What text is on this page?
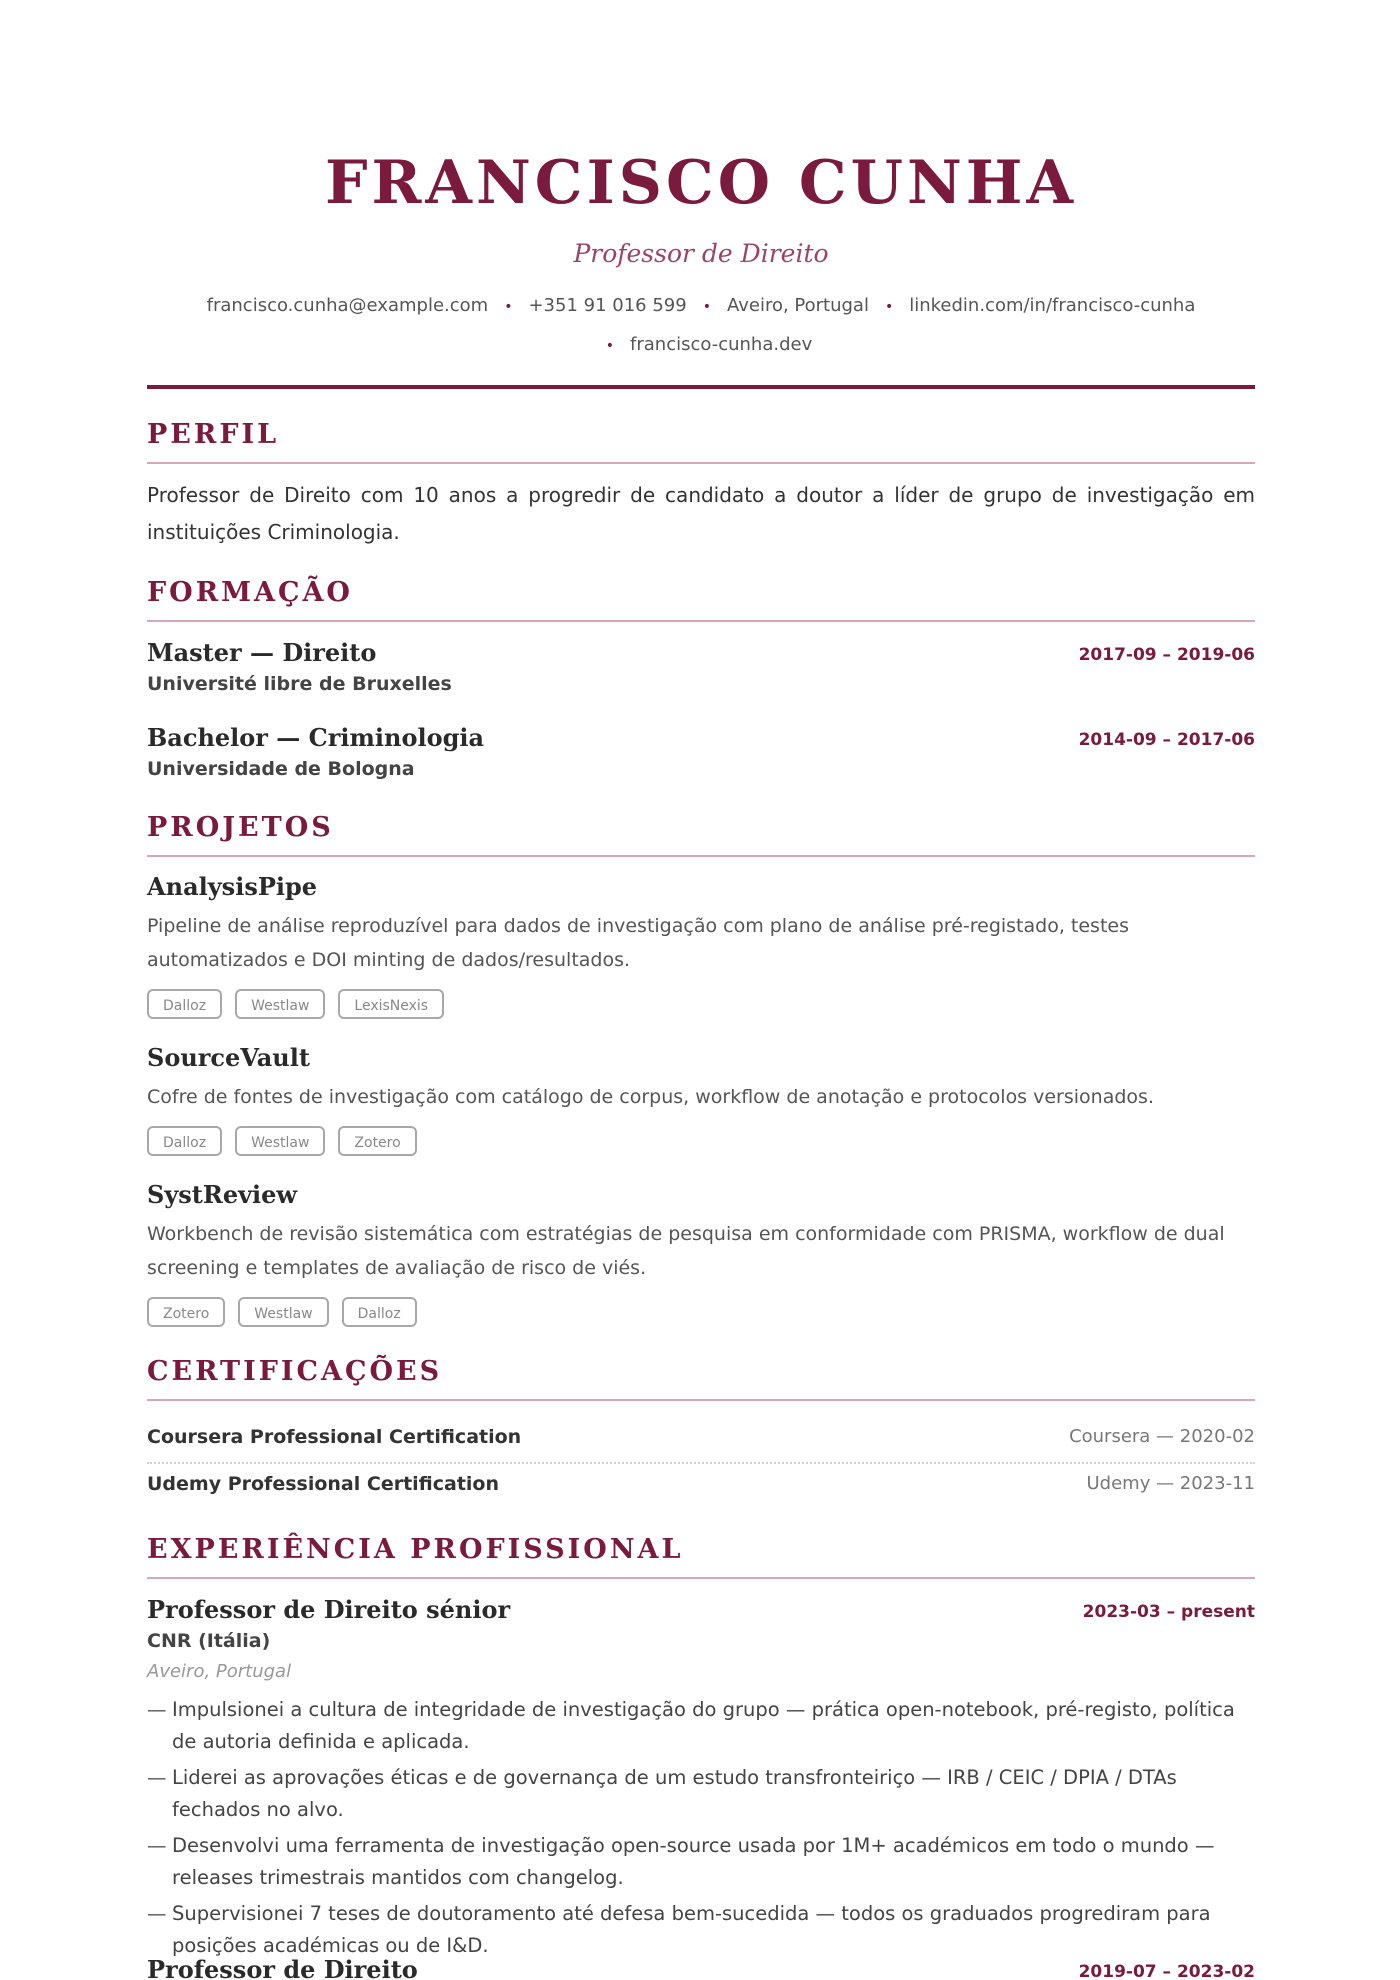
FRANCISCO CUNHA
Professor de Direito
francisco.cunha@example.com • +351 91 016 599 • Aveiro, Portugal • linkedin.com/in/francisco-cunha
• francisco-cunha.dev
PERFIL
Professor de Direito com 10 anos a progredir de candidato a doutor a líder de grupo de investigação em instituições Criminologia.
FORMAÇÃO
Master — Direito	2017-09 – 2019-06
Université libre de Bruxelles
Bachelor — Criminologia	2014-09 – 2017-06
Universidade de Bologna
PROJETOS
AnalysisPipe
Pipeline de análise reproduzível para dados de investigação com plano de análise pré-registado, testes automatizados e DOI minting de dados/resultados.
Dalloz	Westlaw	LexisNexis
SourceVault
Cofre de fontes de investigação com catálogo de corpus, workflow de anotação e protocolos versionados.
Dalloz	Westlaw	Zotero
SystReview
Workbench de revisão sistemática com estratégias de pesquisa em conformidade com PRISMA, workflow de dual screening e templates de avaliação de risco de viés.
Zotero	Westlaw	Dalloz
CERTIFICAÇÕES
Coursera Professional Certification	Coursera — 2020-02
Udemy Professional Certification	Udemy — 2023-11
EXPERIÊNCIA PROFISSIONAL
Professor de Direito sénior	2023-03 – present
CNR (Itália)
Aveiro, Portugal
— Impulsionei a cultura de integridade de investigação do grupo — prática open-notebook, pré-registo, política de autoria definida e aplicada.
— Liderei as aprovações éticas e de governança de um estudo transfronteiriço — IRB / CEIC / DPIA / DTAs fechados no alvo.
— Desenvolvi uma ferramenta de investigação open-source usada por 1M+ académicos em todo o mundo — releases trimestrais mantidos com changelog.
— Supervisionei 7 teses de doutoramento até defesa bem-sucedida — todos os graduados progrediram para posições académicas ou de I&D.
Professor de Direito	2019-07 – 2023-02
